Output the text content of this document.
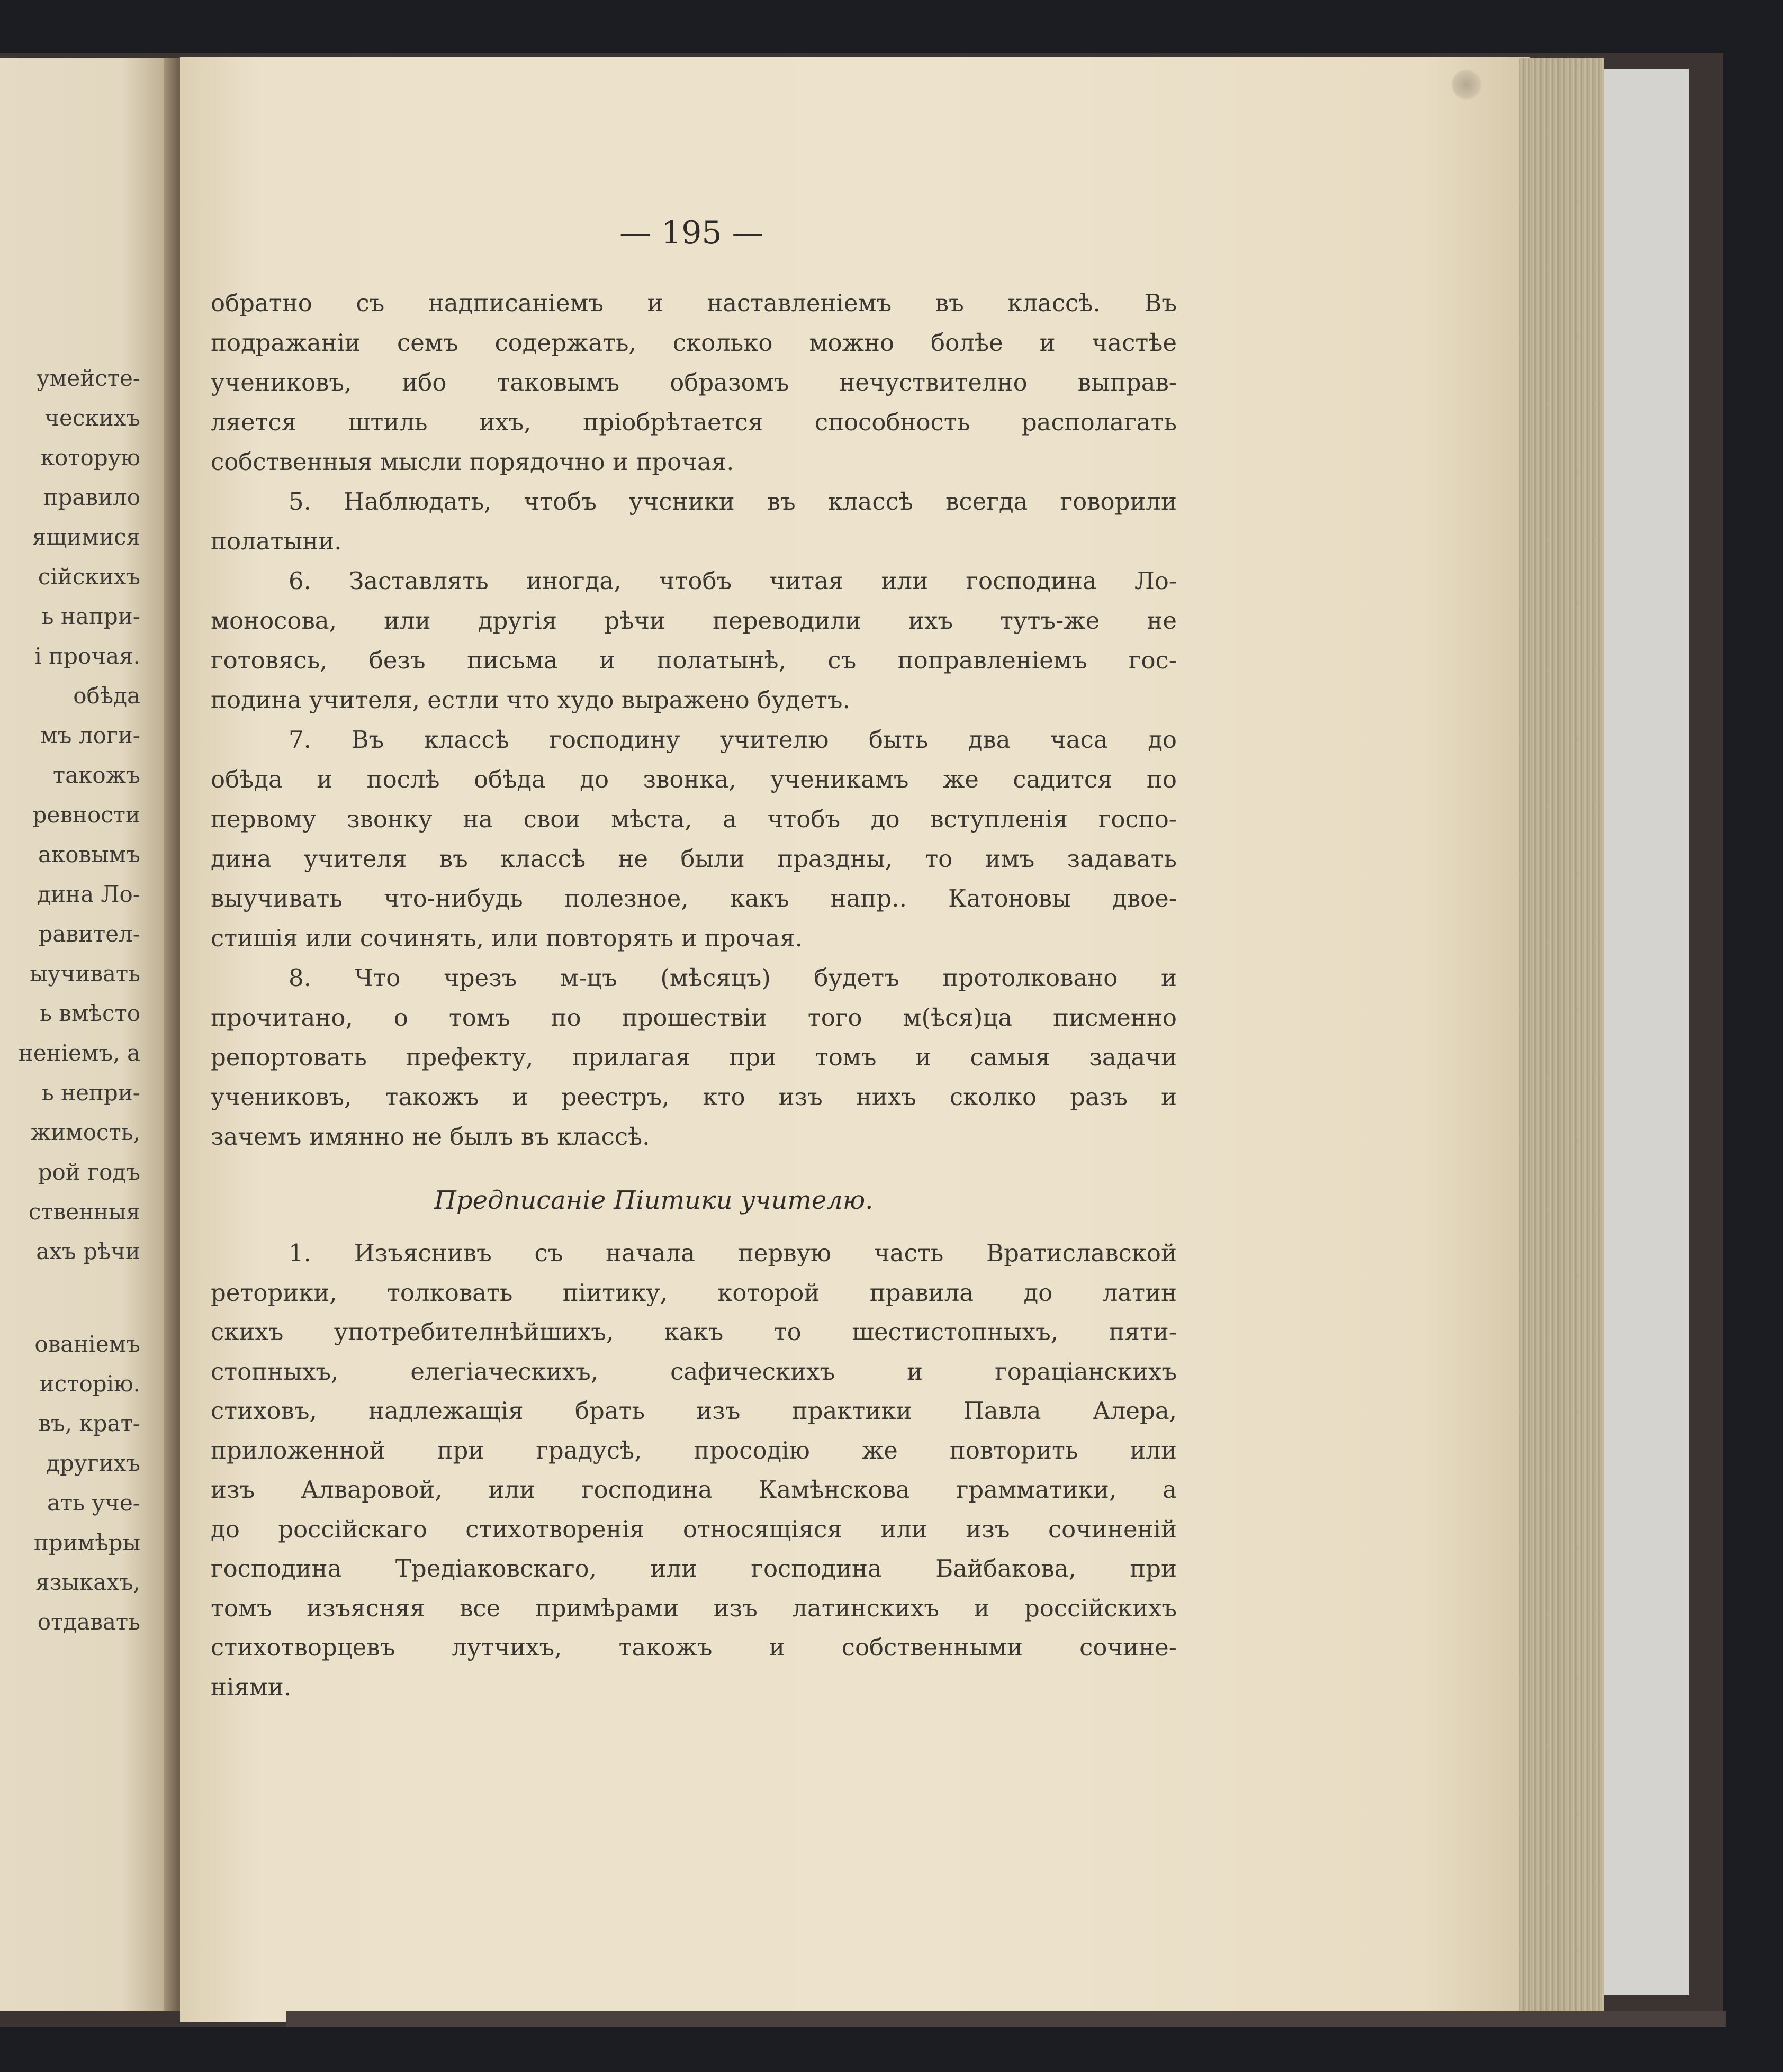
умейсте-
ческихъ
которую
правило
ящимися
сійскихъ
ь напри-
і прочая.
обѣда
мъ логи-
такожъ
ревности
аковымъ
дина Ло-
равител-
ыучивать
ь вмѣсто
ненiемъ, а
ь непри-
жимость,
рой годъ
ственныя
ахъ рѣчи
ованiемъ
исторiю.
въ, крат-
другихъ
ать уче-
примѣры
языкахъ,
отдавать
— 195 —
обратно съ надписанiемъ и наставленiемъ въ классѣ. Въ
подражанiи семъ содержать, сколько можно болѣе и частѣе
учениковъ, ибо таковымъ образомъ нечуствително выправ-
ляется штиль ихъ, прiобрѣтается способность располагать
собственныя мысли порядочно и прочая.
5. Наблюдать, чтобъ учсники въ классѣ всегда говорили
полатыни.
6. Заставлять иногда, чтобъ читая или господина Ло-
моносова, или другiя рѣчи переводили ихъ тутъ-же не
готовясь, безъ письма и полатынѣ, съ поправленiемъ гос-
подина учителя, естли что худо выражено будетъ.
7. Въ классѣ господину учителю быть два часа до
обѣда и послѣ обѣда до звонка, ученикамъ же садится по
первому звонку на свои мѣста, а чтобъ до вступленiя госпо-
дина учителя въ классѣ не были праздны, то имъ задавать
выучивать что-нибудь полезное, какъ напр.. Катоновы двое-
стишiя или сочинять, или повторять и прочая.
8. Что чрезъ м-цъ (мѣсяцъ) будетъ протолковано и
прочитано, о томъ по прошествiи того м(ѣся)ца писменно
репортовать префекту, прилагая при томъ и самыя задачи
учениковъ, такожъ и реестръ, кто изъ нихъ сколко разъ и
зачемъ имянно не былъ въ классѣ.
Предписанiе Пiитики учителю.
1. Изъяснивъ съ начала первую часть Вратиславской
реторики, толковать пiитику, которой правила до латин
скихъ употребителнѣйшихъ, какъ то шестистопныхъ, пяти-
стопныхъ, елегiаческихъ, сафическихъ и горацiанскихъ
стиховъ, надлежащiя брать изъ практики Павла Алера,
приложенной при градусѣ, просодiю же повторить или
изъ Алваровой, или господина Камѣнскова грамматики, а
до россiйскаго стихотворенiя относящiяся или изъ сочиненiй
господина Тредiаковскаго, или господина Байбакова, при
томъ изъясняя все примѣрами изъ латинскихъ и россiйскихъ
стихотворцевъ лутчихъ, такожъ и собственными сочине-
нiями.
